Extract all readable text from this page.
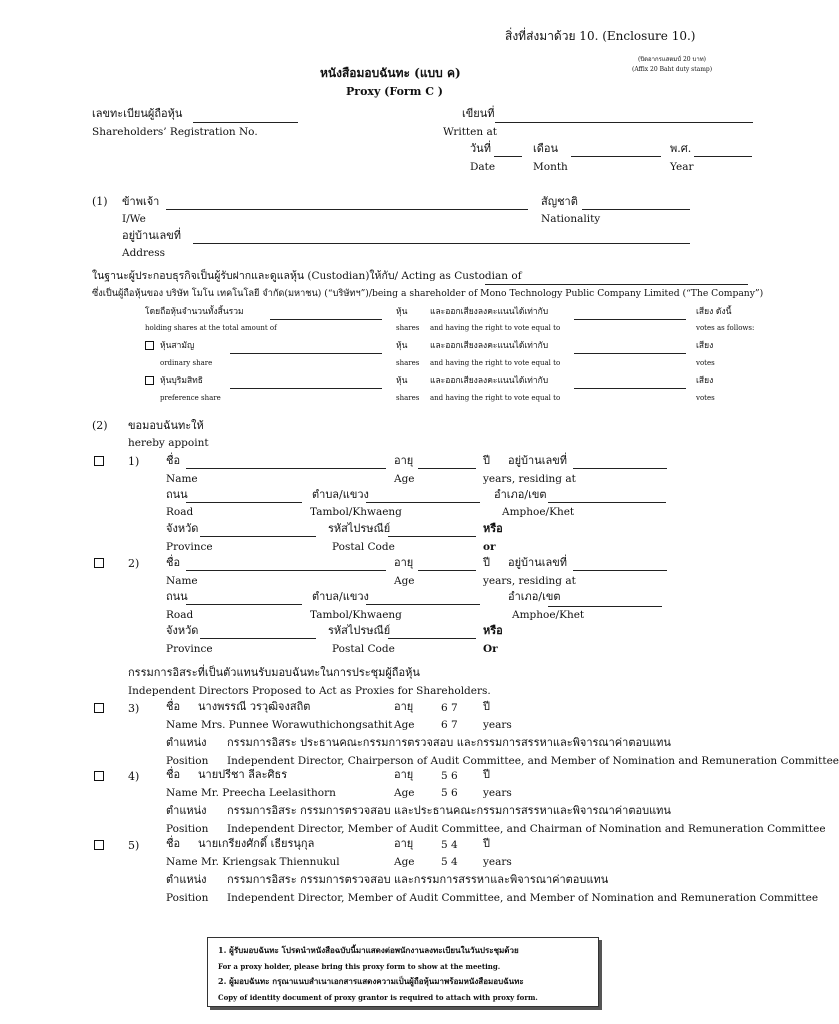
สิ่งที่ส่งมาด้วย 10. (Enclosure 10.)
(ปิดอากรแสตมป์ 20 บาท)
(Affix 20 Baht duty stamp)
หนังสือมอบฉันทะ (แบบ ค)
Proxy (Form C )
เลขทะเบียนผู้ถือหุ้น
Shareholders’ Registration No.
เขียนที่
Written at
วันที่
Date
เดือน
Month
พ.ศ.
Year
(1) ข้าพเจ้า
I/We
สัญชาติ
Nationality
อยู่บ้านเลขที่
Address
ในฐานะผู้ประกอบธุรกิจเป็นผู้รับฝากและดูแลหุ้น (Custodian)ให้กับ/ Acting as Custodian of
ซึ่งเป็นผู้ถือหุ้นของ บริษัท โมโน เทคโนโลยี จำกัด(มหาชน) (“บริษัทฯ”)/being a shareholder of Mono Technology Public Company Limited (“The Company”)
โดยถือหุ้นจำนวนทั้งสิ้นรวม	หุ้น	และออกเสียงลงคะแนนได้เท่ากับ	เสียง ดังนี้
holding shares at the total amount of	shares and having the right to vote equal to	votes as follows:
หุ้นสามัญ	หุ้น	และออกเสียงลงคะแนนได้เท่ากับ	เสียง
ordinary share	shares and having the right to vote equal to	votes
หุ้นบุริมสิทธิ	หุ้น	และออกเสียงลงคะแนนได้เท่ากับ	เสียง
preference share	shares and having the right to vote equal to	votes
(2) ขอมอบฉันทะให้
hereby appoint
1) ชื่อ	อายุ	ปี อยู่บ้านเลขที่
Name	Age	years, residing at
ถนน	ตำบล/แขวง	อำเภอ/เขต
Road	Tambol/Khwaeng	Amphoe/Khet
จังหวัด	รหัสไปรษณีย์	หรือ
Province	Postal Code	or
2) ชื่อ	อายุ	ปี อยู่บ้านเลขที่
Name	Age	years, residing at
ถนน	ตำบล/แขวง	อำเภอ/เขต
Road	Tambol/Khwaeng	Amphoe/Khet
จังหวัด	รหัสไปรษณีย์	หรือ
Province	Postal Code	Or
กรรมการอิสระที่เป็นตัวแทนรับมอบฉันทะในการประชุมผู้ถือหุ้น
Independent Directors Proposed to Act as Proxies for Shareholders.
3) ชื่อ นางพรรณี วรวุฒิจงสถิต	อายุ	6 7 ปี
Name Mrs. Punnee Worawuthichongsathit Age	6 7 years
ตำแหน่ง กรรมการอิสระ ประธานคณะกรรมการตรวจสอบ และกรรมการสรรหาและพิจารณาค่าตอบแทน
Position Independent Director, Chairperson of Audit Committee, and Member of Nomination and Remuneration Committee
4) ชื่อ นายปรีชา ลีละศิธร	อายุ	5 6 ปี
Name Mr. Preecha Leelasithorn	Age	5 6 years
ตำแหน่ง กรรมการอิสระ กรรมการตรวจสอบ และประธานคณะกรรมการสรรหาและพิจารณาค่าตอบแทน
Position Independent Director, Member of Audit Committee, and Chairman of Nomination and Remuneration Committee
5) ชื่อ นายเกรียงศักดิ์ เธียรนุกุล	อายุ	5 4 ปี
Name Mr. Kriengsak Thiennukul	Age	5 4 years
ตำแหน่ง กรรมการอิสระ กรรมการตรวจสอบ และกรรมการสรรหาและพิจารณาค่าตอบแทน
Position Independent Director, Member of Audit Committee, and Member of Nomination and Remuneration Committee
1. ผู้รับมอบฉันทะ โปรดนำหนังสือฉบับนี้มาแสดงต่อพนักงานลงทะเบียนในวันประชุมด้วย
For a proxy holder, please bring this proxy form to show at the meeting.
2. ผู้มอบฉันทะ กรุณาแนบสำเนาเอกสารแสดงความเป็นผู้ถือหุ้นมาพร้อมหนังสือมอบฉันทะ
Copy of identity document of proxy grantor is required to attach with proxy form.
